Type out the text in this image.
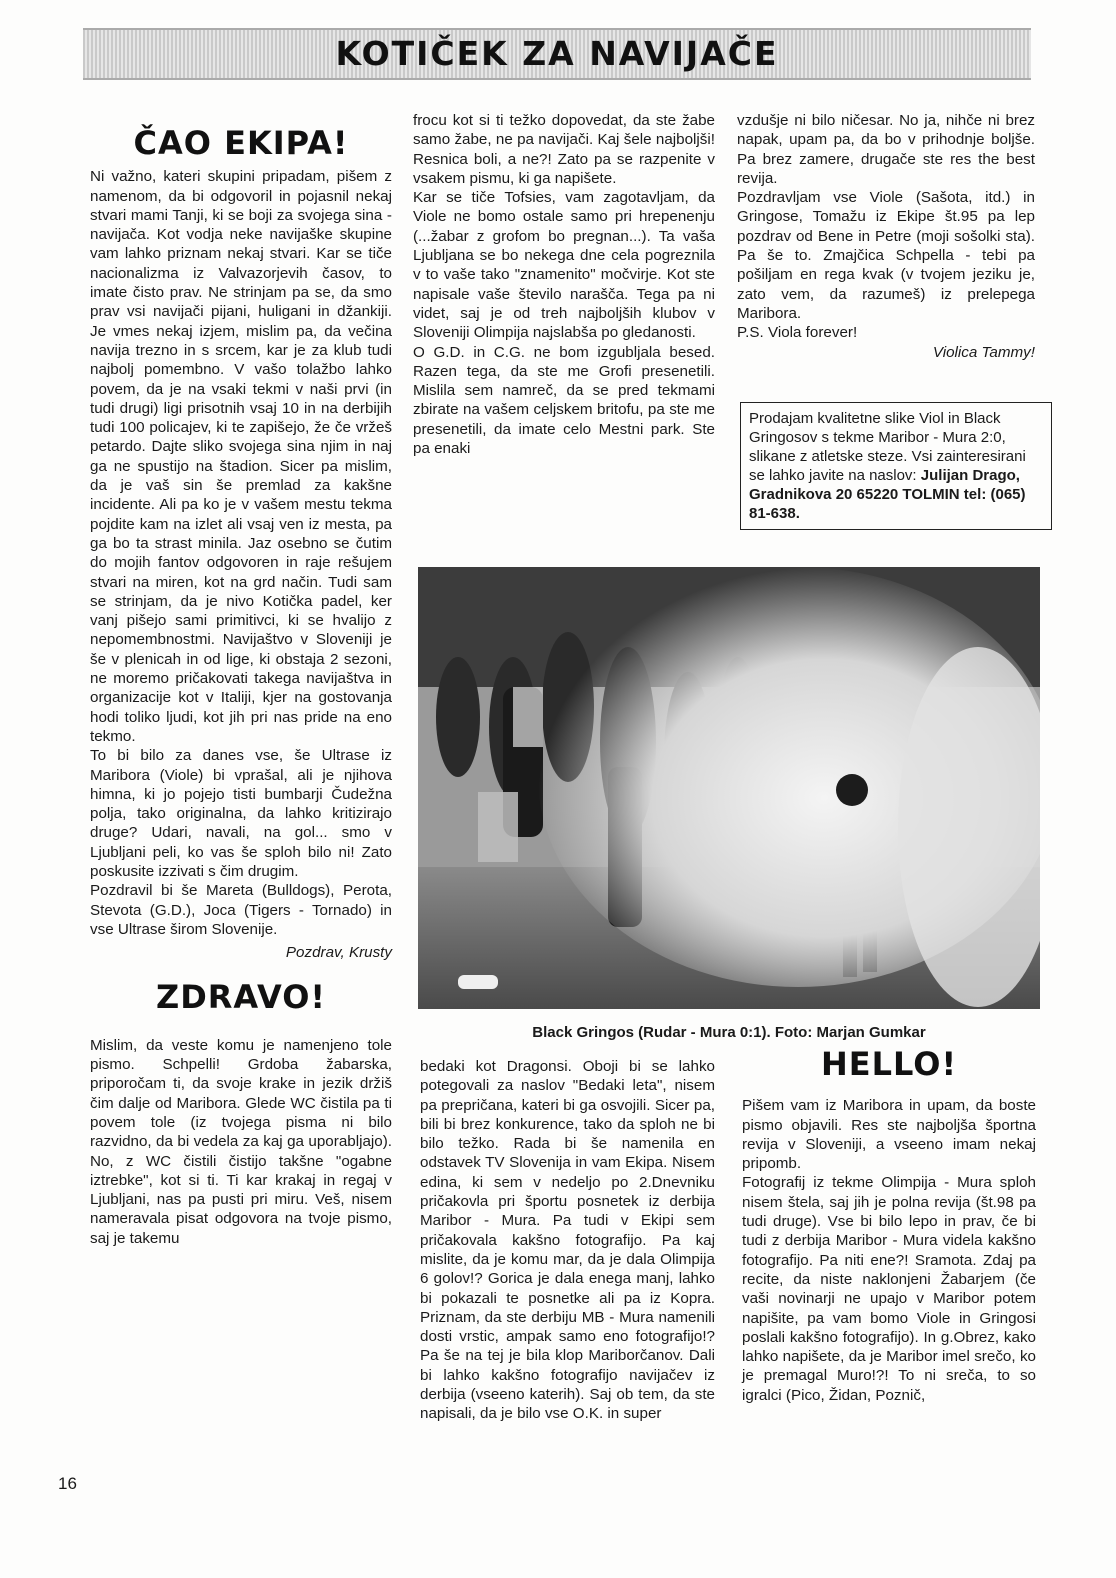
KOTIČEK ZA NAVIJAČE

ČAO EKIPA!

Ni važno, kateri skupini pripadam, pišem z namenom, da bi odgovoril in pojasnil nekaj stvari mami Tanji, ki se boji za svojega sina - navijača. Kot vodja neke navijaške skupine vam lahko priznam nekaj stvari. Kar se tiče nacionalizma iz Valvazorjevih časov, to imate čisto prav. Ne strinjam pa se, da smo prav vsi navijači pijani, huligani in džankiji. Je vmes nekaj izjem, mislim pa, da večina navija trezno in s srcem, kar je za klub tudi najbolj pomembno. V vašo tolažbo lahko povem, da je na vsaki tekmi v naši prvi (in tudi drugi) ligi prisotnih vsaj 10 in na derbijih tudi 100 policajev, ki te zapišejo, že če vržeš petardo. Dajte sliko svojega sina njim in naj ga ne spustijo na štadion. Sicer pa mislim, da je vaš sin še premlad za kakšne incidente. Ali pa ko je v vašem mestu tekma pojdite kam na izlet ali vsaj ven iz mesta, pa ga bo ta strast minila. Jaz osebno se čutim do mojih fantov odgovoren in raje rešujem stvari na miren, kot na grd način. Tudi sam se strinjam, da je nivo Kotička padel, ker vanj pišejo sami primitivci, ki se hvalijo z nepomembnostmi. Navijaštvo v Sloveniji je še v plenicah in od lige, ki obstaja 2 sezoni, ne moremo pričakovati takega navijaštva in organizacije kot v Italiji, kjer na gostovanja hodi toliko ljudi, kot jih pri nas pride na eno tekmo.

To bi bilo za danes vse, še Ultrase iz Maribora (Viole) bi vprašal, ali je njihova himna, ki jo pojejo tisti bumbarji Čudežna polja, tako originalna, da lahko kritizirajo druge? Udari, navali, na gol... smo v Ljubljani peli, ko vas še sploh bilo ni! Zato poskusite izzivati s čim drugim.

Pozdravil bi še Mareta (Bulldogs), Perota, Stevota (G.D.), Joca (Tigers - Tornado) in vse Ultrase širom Slovenije.

Pozdrav, Krusty

ZDRAVO!

Mislim, da veste komu je namenjeno tole pismo. Schpelli! Grdoba žabarska, priporočam ti, da svoje krake in jezik držiš čim dalje od Maribora. Glede WC čistila pa ti povem tole (iz tvojega pisma ni bilo razvidno, da bi vedela za kaj ga uporabljajo). No, z WC čistili čistijo takšne "ogabne iztrebke", kot si ti. Ti kar krakaj in regaj v Ljubljani, nas pa pusti pri miru. Veš, nisem nameravala pisat odgovora na tvoje pismo, saj je takemu

frocu kot si ti težko dopovedat, da ste žabe samo žabe, ne pa navijači. Kaj šele najboljši! Resnica boli, a ne?! Zato pa se razpenite v vsakem pismu, ki ga napišete.

Kar se tiče Tofsies, vam zagotavljam, da Viole ne bomo ostale samo pri hrepenenju (...žabar z grofom bo pregnan...). Ta vaša Ljubljana se bo nekega dne cela pogreznila v to vaše tako "znamenito" močvirje. Kot ste napisale vaše število narašča. Tega pa ni videt, saj je od treh najboljših klubov v Sloveniji Olimpija najslabša po gledanosti.

O G.D. in C.G. ne bom izgubljala besed. Razen tega, da ste me Grofi presenetili. Mislila sem namreč, da se pred tekmami zbirate na vašem celjskem britofu, pa ste me presenetili, da imate celo Mestni park. Ste pa enaki

vzdušje ni bilo ničesar. No ja, nihče ni brez napak, upam pa, da bo v prihodnje boljše. Pa brez zamere, drugače ste res the best revija.

Pozdravljam vse Viole (Sašota, itd.) in Gringose, Tomažu iz Ekipe št.95 pa lep pozdrav od Bene in Petre (moji sošolki sta). Pa še to. Zmajčica Schpella - tebi pa pošiljam en rega kvak (v tvojem jeziku je, zato vem, da razumeš) iz prelepega Maribora.

P.S. Viola forever!

Violica Tammy!

Prodajam kvalitetne slike Viol in Black Gringosov s tekme Maribor - Mura 2:0, slikane z atletske steze. Vsi zainteresirani se lahko javite na naslov: Julijan Drago, Gradnikova 20 65220 TOLMIN tel: (065) 81-638.
Black Gringos (Rudar - Mura 0:1). Foto: Marjan Gumkar

bedaki kot Dragonsi. Oboji bi se lahko potegovali za naslov "Bedaki leta", nisem pa prepričana, kateri bi ga osvojili. Sicer pa, bili bi brez konkurence, tako da sploh ne bi bilo težko. Rada bi še namenila en odstavek TV Slovenija in vam Ekipa. Nisem edina, ki sem v nedeljo po 2.Dnevniku pričakovla pri športu posnetek iz derbija Maribor - Mura. Pa tudi v Ekipi sem pričakovala kakšno fotografijo. Pa kaj mislite, da je komu mar, da je dala Olimpija 6 golov!? Gorica je dala enega manj, lahko bi pokazali te posnetke ali pa iz Kopra. Priznam, da ste derbiju MB - Mura namenili dosti vrstic, ampak samo eno fotografijo!? Pa še na tej je bila klop Mariborčanov. Dali bi lahko kakšno fotografijo navijačev iz derbija (vseeno katerih). Saj ob tem, da ste napisali, da je bilo vse O.K. in super

HELLO!

Pišem vam iz Maribora in upam, da boste pismo objavili. Res ste najboljša športna revija v Sloveniji, a vseeno imam nekaj pripomb.

Fotografij iz tekme Olimpija - Mura sploh nisem štela, saj jih je polna revija (št.98 pa tudi druge). Vse bi bilo lepo in prav, če bi tudi z derbija Maribor - Mura videla kakšno fotografijo. Pa niti ene?! Sramota. Zdaj pa recite, da niste naklonjeni Žabarjem (če vaši novinarji ne upajo v Maribor potem napišite, pa vam bomo Viole in Gringosi poslali kakšno fotografijo). In g.Obrez, kako lahko napišete, da je Maribor imel srečo, ko je premagal Muro!?! To ni sreča, to so igralci (Pico, Židan, Poznič,

16
